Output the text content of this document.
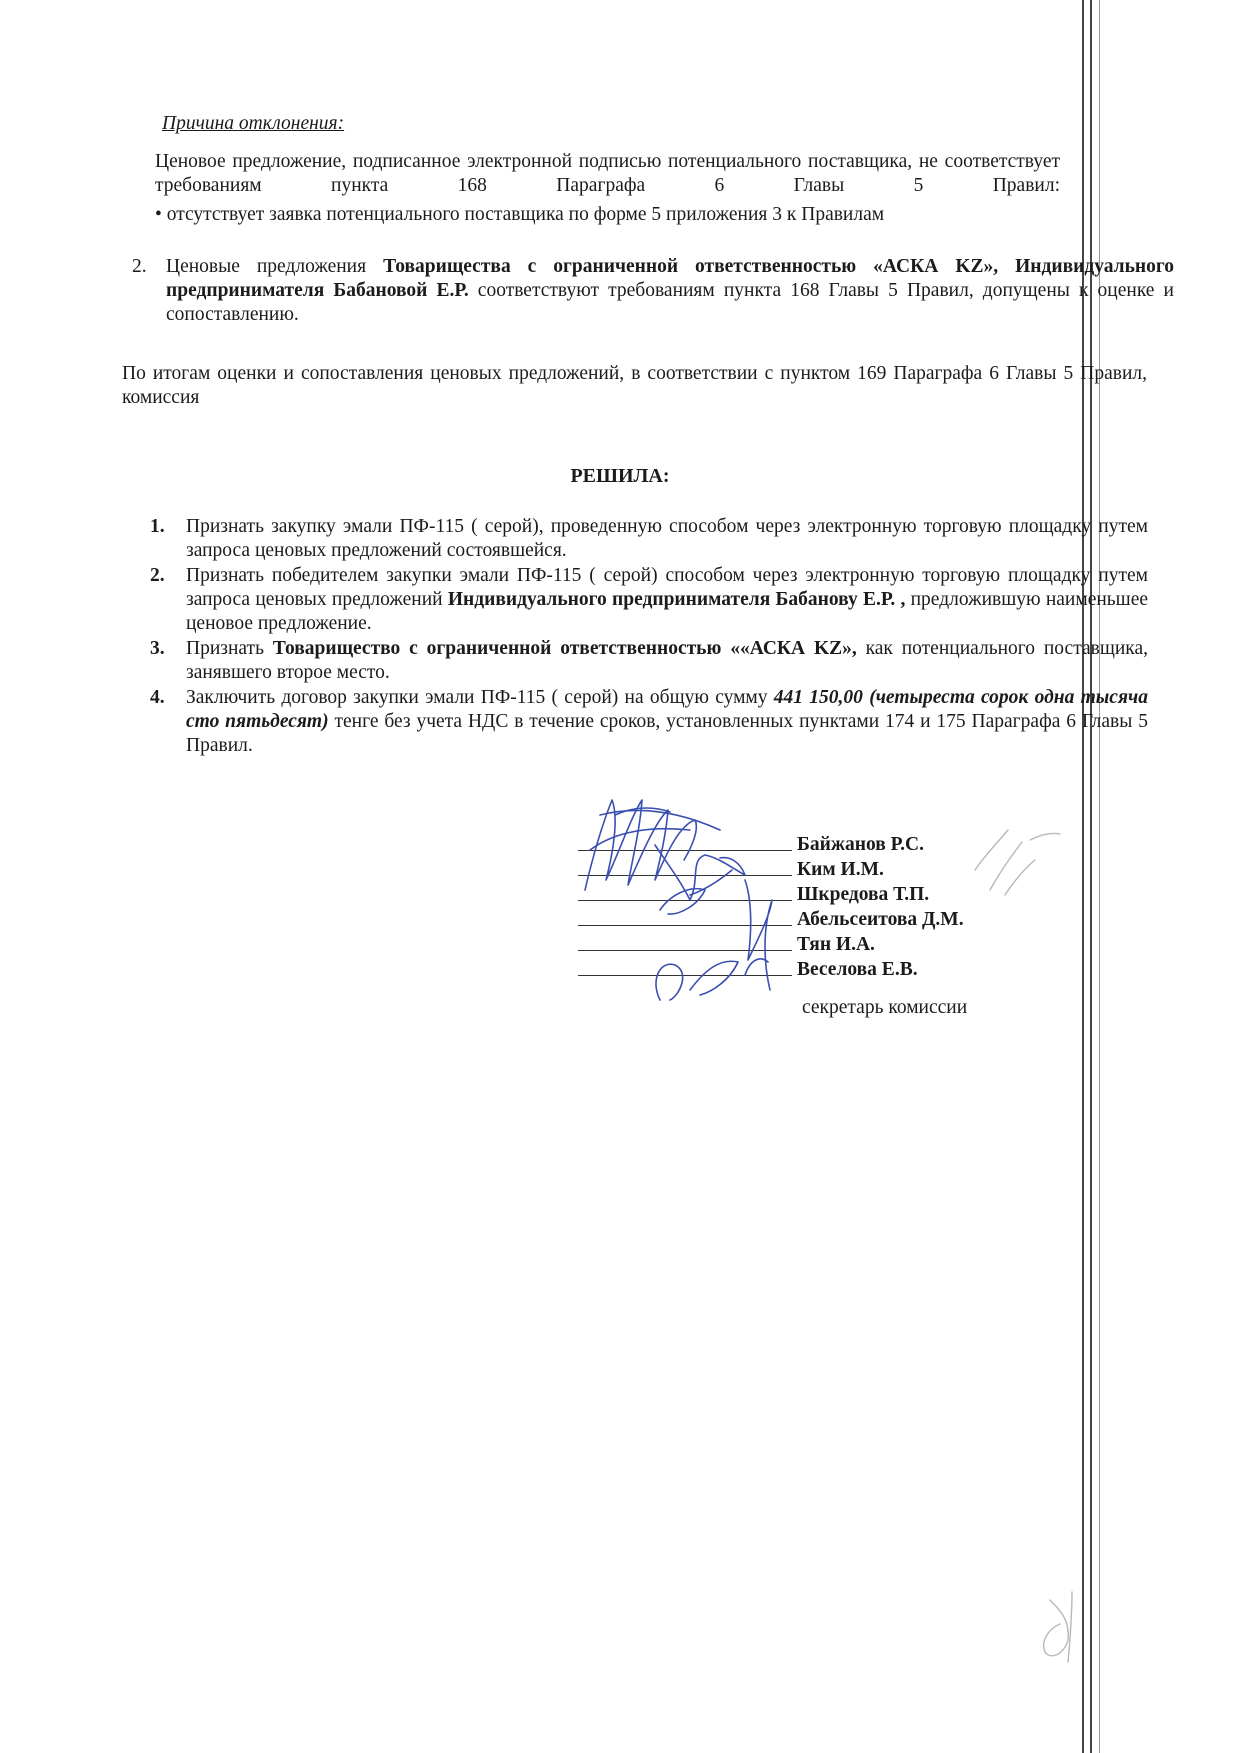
Причина отклонения:
Ценовое предложение, подписанное электронной подписью потенциального поставщика, не соответствует требованиям пункта 168 Параграфа 6 Главы 5 Правил:
• отсутствует заявка потенциального поставщика по форме 5 приложения 3 к Правилам
2. Ценовые предложения Товарищества с ограниченной ответственностью «АСКА KZ», Индивидуального предпринимателя Бабановой Е.Р. соответствуют требованиям пункта 168 Главы 5 Правил, допущены к оценке и сопоставлению.
По итогам оценки и сопоставления ценовых предложений, в соответствии с пунктом 169 Параграфа 6 Главы 5 Правил, комиссия
РЕШИЛА:
1. Признать закупку эмали ПФ-115 ( серой), проведенную способом через электронную торговую площадку путем запроса ценовых предложений состоявшейся.
2. Признать победителем закупки эмали ПФ-115 ( серой) способом через электронную торговую площадку путем запроса ценовых предложений Индивидуального предпринимателя Бабанову Е.Р. , предложившую наименьшее ценовое предложение.
3. Признать Товарищество с ограниченной ответственностью ««АСКА KZ», как потенциального поставщика, занявшего второе место.
4. Заключить договор закупки эмали ПФ-115 ( серой) на общую сумму 441 150,00 (четыреста сорок одна тысяча сто пятьдесят) тенге без учета НДС в течение сроков, установленных пунктами 174 и 175 Параграфа 6 Главы 5 Правил.
Байжанов Р.С.
Ким И.М.
Шкредова Т.П.
Абельсеитова Д.М.
Тян И.А.
Веселова Е.В.
секретарь комиссии
